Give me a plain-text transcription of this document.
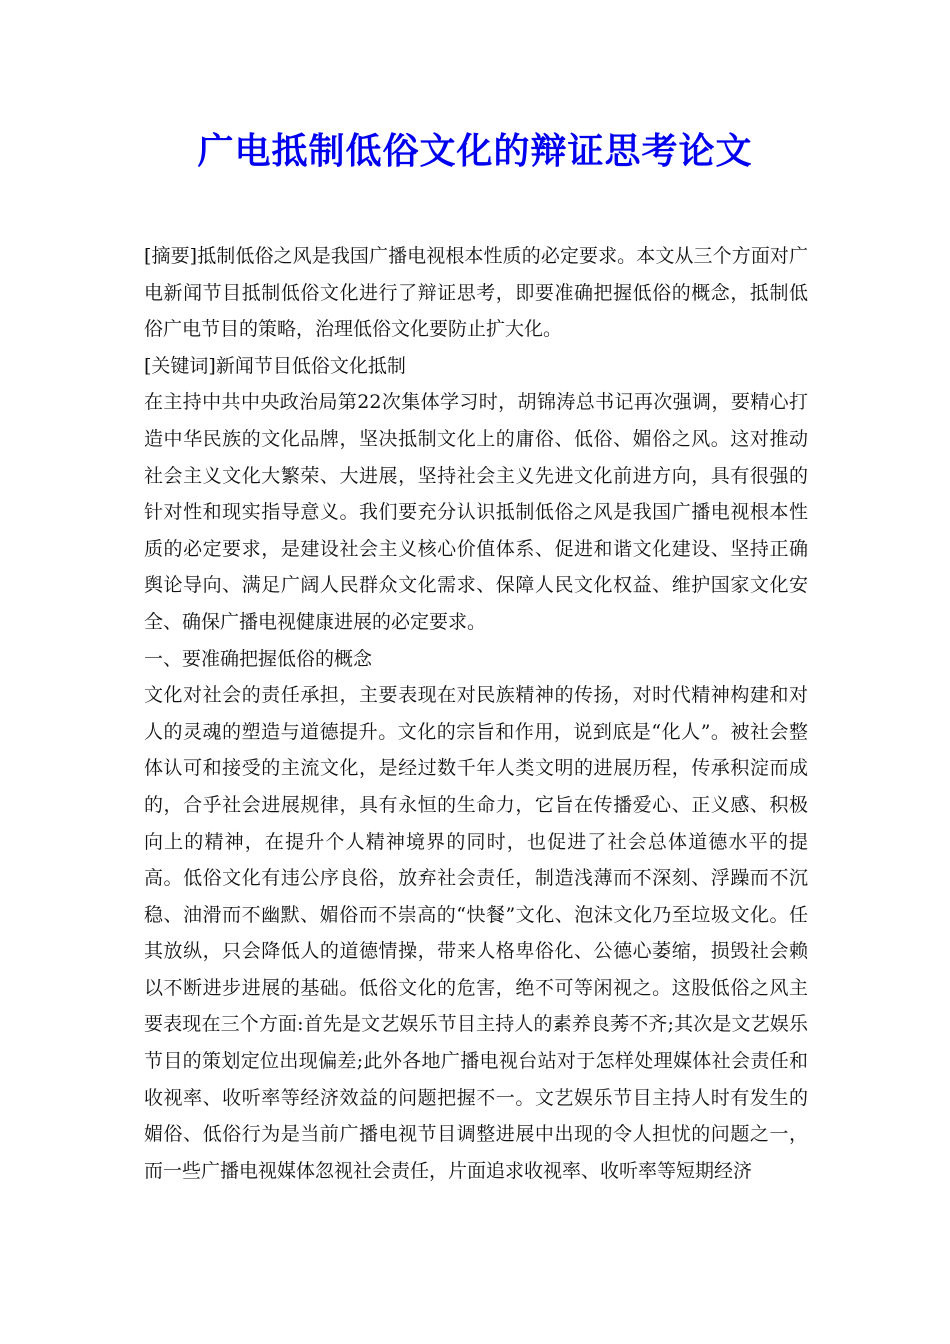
广电抵制低俗文化的辩证思考论文

[摘要]抵制低俗之风是我国广播电视根本性质的必定要求。本文从三个方面对广电新闻节目抵制低俗文化进行了辩证思考，即要准确把握低俗的概念，抵制低俗广电节目的策略，治理低俗文化要防止扩大化。

[关键词]新闻节目低俗文化抵制

在主持中共中央政治局第22次集体学习时，胡锦涛总书记再次强调，要精心打造中华民族的文化品牌，坚决抵制文化上的庸俗、低俗、媚俗之风。这对推动社会主义文化大繁荣、大进展，坚持社会主义先进文化前进方向，具有很强的针对性和现实指导意义。我们要充分认识抵制低俗之风是我国广播电视根本性质的必定要求，是建设社会主义核心价值体系、促进和谐文化建设、坚持正确舆论导向、满足广阔人民群众文化需求、保障人民文化权益、维护国家文化安全、确保广播电视健康进展的必定要求。

一、要准确把握低俗的概念

文化对社会的责任承担，主要表现在对民族精神的传扬，对时代精神构建和对人的灵魂的塑造与道德提升。文化的宗旨和作用，说到底是“化人”。被社会整体认可和接受的主流文化，是经过数千年人类文明的进展历程，传承积淀而成的，合乎社会进展规律，具有永恒的生命力，它旨在传播爱心、正义感、积极向上的精神，在提升个人精神境界的同时，也促进了社会总体道德水平的提高。低俗文化有违公序良俗，放弃社会责任，制造浅薄而不深刻、浮躁而不沉稳、油滑而不幽默、媚俗而不崇高的“快餐”文化、泡沫文化乃至垃圾文化。任其放纵，只会降低人的道德情操，带来人格卑俗化、公德心萎缩，损毁社会赖以不断进步进展的基础。低俗文化的危害，绝不可等闲视之。这股低俗之风主要表现在三个方面:首先是文艺娱乐节目主持人的素养良莠不齐;其次是文艺娱乐节目的策划定位出现偏差;此外各地广播电视台站对于怎样处理媒体社会责任和收视率、收听率等经济效益的问题把握不一。文艺娱乐节目主持人时有发生的媚俗、低俗行为是当前广播电视节目调整进展中出现的令人担忧的问题之一，而一些广播电视媒体忽视社会责任，片面追求收视率、收听率等短期经济
